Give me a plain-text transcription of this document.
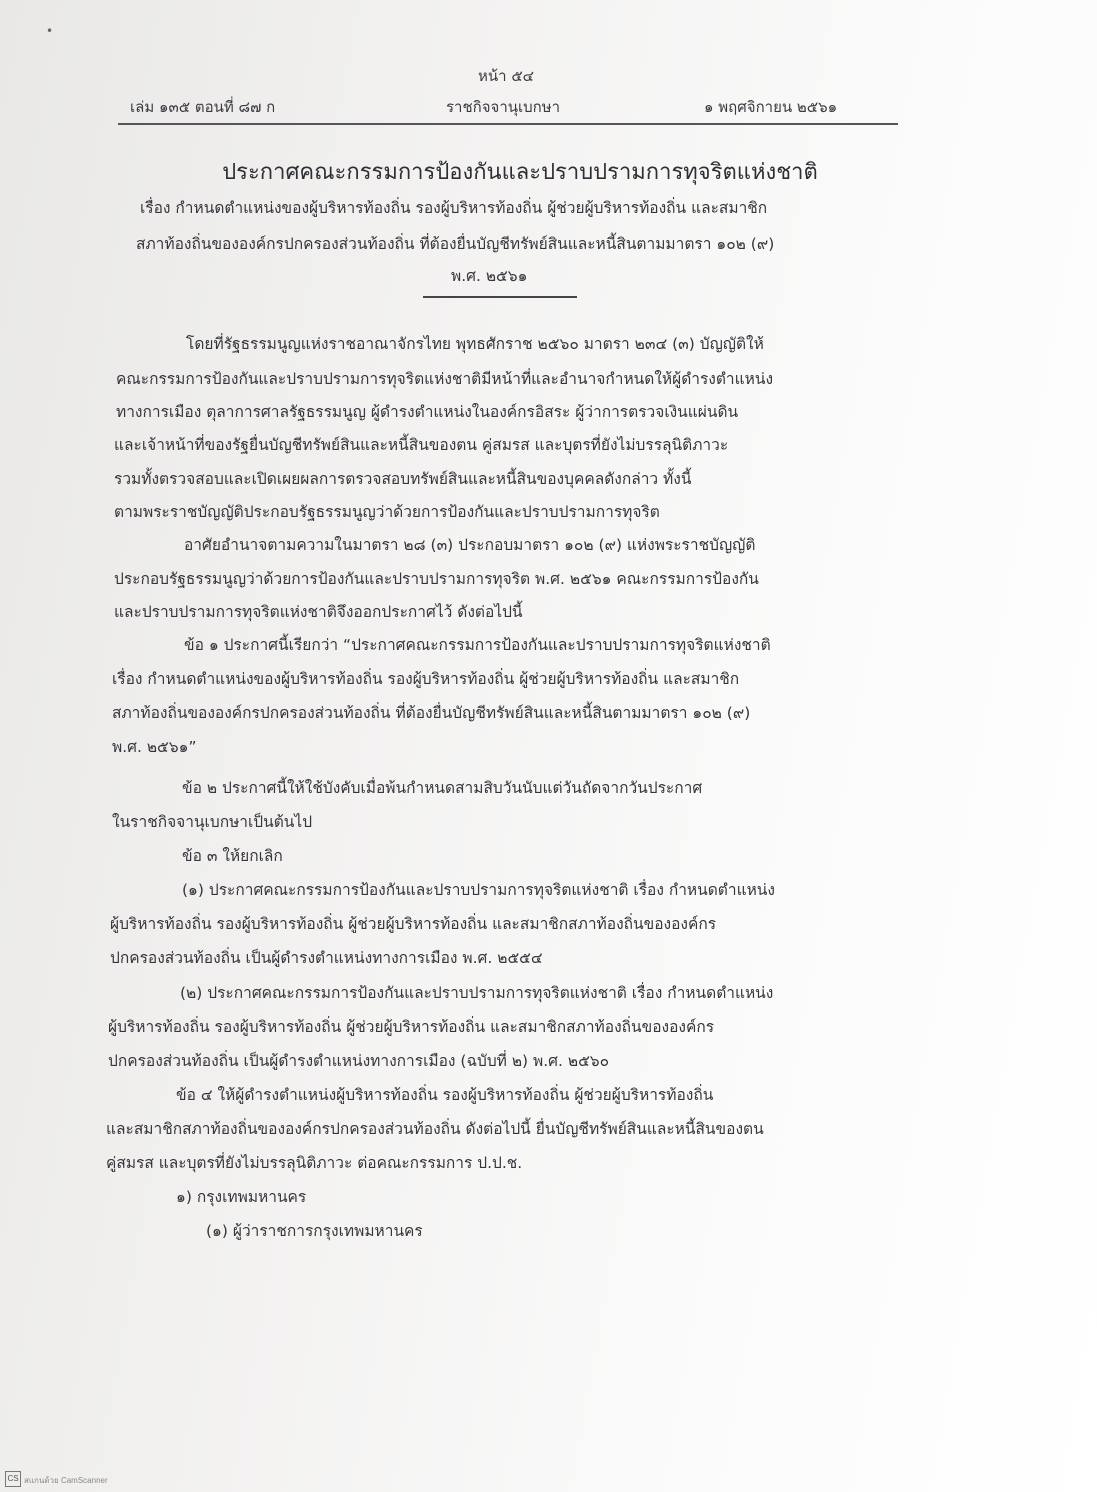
•
หน้า ๕๔
เล่ม ๑๓๕ ตอนที่ ๘๗ ก	ราชกิจจานุเบกษา	๑ พฤศจิกายน ๒๕๖๑
ประกาศคณะกรรมการป้องกันและปราบปรามการทุจริตแห่งชาติ
เรื่อง กำหนดตำแหน่งของผู้บริหารท้องถิ่น รองผู้บริหารท้องถิ่น ผู้ช่วยผู้บริหารท้องถิ่น และสมาชิก
สภาท้องถิ่นขององค์กรปกครองส่วนท้องถิ่น ที่ต้องยื่นบัญชีทรัพย์สินและหนี้สินตามมาตรา ๑๐๒ (๙)
พ.ศ. ๒๕๖๑
โดยที่รัฐธรรมนูญแห่งราชอาณาจักรไทย พุทธศักราช ๒๕๖๐ มาตรา ๒๓๔ (๓) บัญญัติให้
คณะกรรมการป้องกันและปราบปรามการทุจริตแห่งชาติมีหน้าที่และอำนาจกำหนดให้ผู้ดำรงตำแหน่ง
ทางการเมือง ตุลาการศาลรัฐธรรมนูญ ผู้ดำรงตำแหน่งในองค์กรอิสระ ผู้ว่าการตรวจเงินแผ่นดิน
และเจ้าหน้าที่ของรัฐยื่นบัญชีทรัพย์สินและหนี้สินของตน คู่สมรส และบุตรที่ยังไม่บรรลุนิติภาวะ
รวมทั้งตรวจสอบและเปิดเผยผลการตรวจสอบทรัพย์สินและหนี้สินของบุคคลดังกล่าว ทั้งนี้
ตามพระราชบัญญัติประกอบรัฐธรรมนูญว่าด้วยการป้องกันและปราบปรามการทุจริต
อาศัยอำนาจตามความในมาตรา ๒๘ (๓) ประกอบมาตรา ๑๐๒ (๙) แห่งพระราชบัญญัติ
ประกอบรัฐธรรมนูญว่าด้วยการป้องกันและปราบปรามการทุจริต พ.ศ. ๒๕๖๑ คณะกรรมการป้องกัน
และปราบปรามการทุจริตแห่งชาติจึงออกประกาศไว้ ดังต่อไปนี้
ข้อ ๑ ประกาศนี้เรียกว่า “ประกาศคณะกรรมการป้องกันและปราบปรามการทุจริตแห่งชาติ
เรื่อง กำหนดตำแหน่งของผู้บริหารท้องถิ่น รองผู้บริหารท้องถิ่น ผู้ช่วยผู้บริหารท้องถิ่น และสมาชิก
สภาท้องถิ่นขององค์กรปกครองส่วนท้องถิ่น ที่ต้องยื่นบัญชีทรัพย์สินและหนี้สินตามมาตรา ๑๐๒ (๙)
พ.ศ. ๒๕๖๑”
ข้อ ๒ ประกาศนี้ให้ใช้บังคับเมื่อพ้นกำหนดสามสิบวันนับแต่วันถัดจากวันประกาศ
ในราชกิจจานุเบกษาเป็นต้นไป
ข้อ ๓ ให้ยกเลิก
(๑) ประกาศคณะกรรมการป้องกันและปราบปรามการทุจริตแห่งชาติ เรื่อง กำหนดตำแหน่ง
ผู้บริหารท้องถิ่น รองผู้บริหารท้องถิ่น ผู้ช่วยผู้บริหารท้องถิ่น และสมาชิกสภาท้องถิ่นขององค์กร
ปกครองส่วนท้องถิ่น เป็นผู้ดำรงตำแหน่งทางการเมือง พ.ศ. ๒๕๕๔
(๒) ประกาศคณะกรรมการป้องกันและปราบปรามการทุจริตแห่งชาติ เรื่อง กำหนดตำแหน่ง
ผู้บริหารท้องถิ่น รองผู้บริหารท้องถิ่น ผู้ช่วยผู้บริหารท้องถิ่น และสมาชิกสภาท้องถิ่นขององค์กร
ปกครองส่วนท้องถิ่น เป็นผู้ดำรงตำแหน่งทางการเมือง (ฉบับที่ ๒) พ.ศ. ๒๕๖๐
ข้อ ๔ ให้ผู้ดำรงตำแหน่งผู้บริหารท้องถิ่น รองผู้บริหารท้องถิ่น ผู้ช่วยผู้บริหารท้องถิ่น
และสมาชิกสภาท้องถิ่นขององค์กรปกครองส่วนท้องถิ่น ดังต่อไปนี้ ยื่นบัญชีทรัพย์สินและหนี้สินของตน
คู่สมรส และบุตรที่ยังไม่บรรลุนิติภาวะ ต่อคณะกรรมการ ป.ป.ช.
๑) กรุงเทพมหานคร
(๑) ผู้ว่าราชการกรุงเทพมหานคร
CS สแกนด้วย CamScanner
